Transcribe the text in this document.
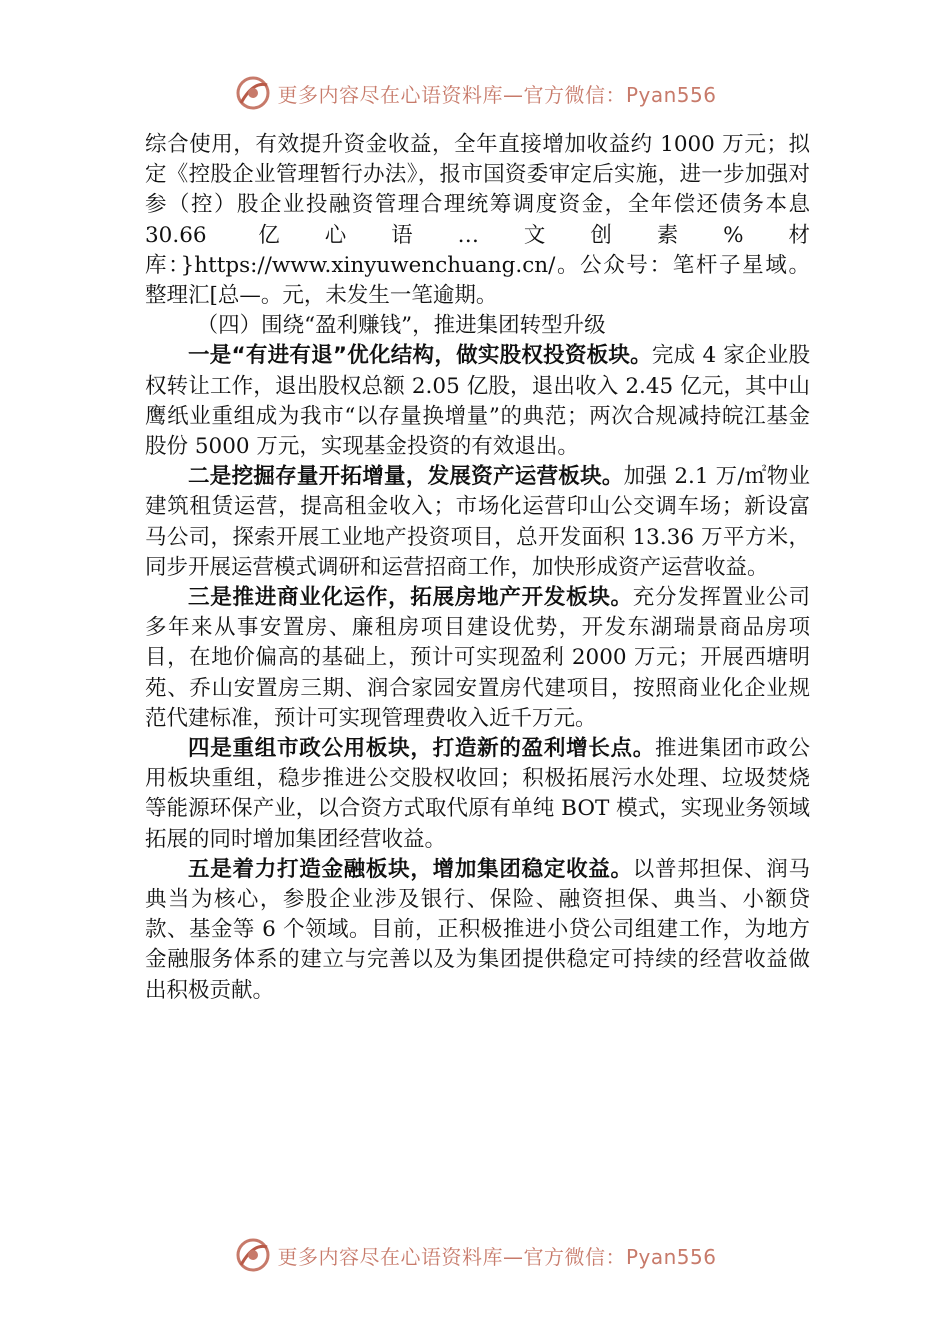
更多内容尽在心语资料库—官方微信：Pyan556

综合使用，有效提升资金收益，全年直接增加收益约 1000 万元；拟定《控股企业管理暂行办法》，报市国资委审定后实施，进一步加强对参（控）股企业投融资管理合理统筹调度资金，全年偿还债务本息 30.66 亿心语…文创素%材库：}https://www.xinyuwenchuang.cn/。公众号：笔杆子星域。整理汇[总—。元，未发生一笔逾期。

（四）围绕“盈利赚钱”，推进集团转型升级

一是“有进有退”优化结构，做实股权投资板块。完成 4 家企业股权转让工作，退出股权总额 2.05 亿股，退出收入 2.45 亿元，其中山鹰纸业重组成为我市“以存量换增量”的典范；两次合规减持皖江基金股份 5000 万元，实现基金投资的有效退出。

二是挖掘存量开拓增量，发展资产运营板块。加强 2.1 万/㎡物业建筑租赁运营，提高租金收入；市场化运营印山公交调车场；新设富马公司，探索开展工业地产投资项目，总开发面积 13.36 万平方米，同步开展运营模式调研和运营招商工作，加快形成资产运营收益。

三是推进商业化运作，拓展房地产开发板块。充分发挥置业公司多年来从事安置房、廉租房项目建设优势，开发东湖瑞景商品房项目，在地价偏高的基础上，预计可实现盈利 2000 万元；开展西塘明苑、乔山安置房三期、润合家园安置房代建项目，按照商业化企业规范代建标准，预计可实现管理费收入近千万元。

四是重组市政公用板块，打造新的盈利增长点。推进集团市政公用板块重组，稳步推进公交股权收回；积极拓展污水处理、垃圾焚烧等能源环保产业，以合资方式取代原有单纯 BOT 模式，实现业务领域拓展的同时增加集团经营收益。

五是着力打造金融板块，增加集团稳定收益。以普邦担保、润马典当为核心，参股企业涉及银行、保险、融资担保、典当、小额贷款、基金等 6 个领域。目前，正积极推进小贷公司组建工作，为地方金融服务体系的建立与完善以及为集团提供稳定可持续的经营收益做出积极贡献。

更多内容尽在心语资料库—官方微信：Pyan556
